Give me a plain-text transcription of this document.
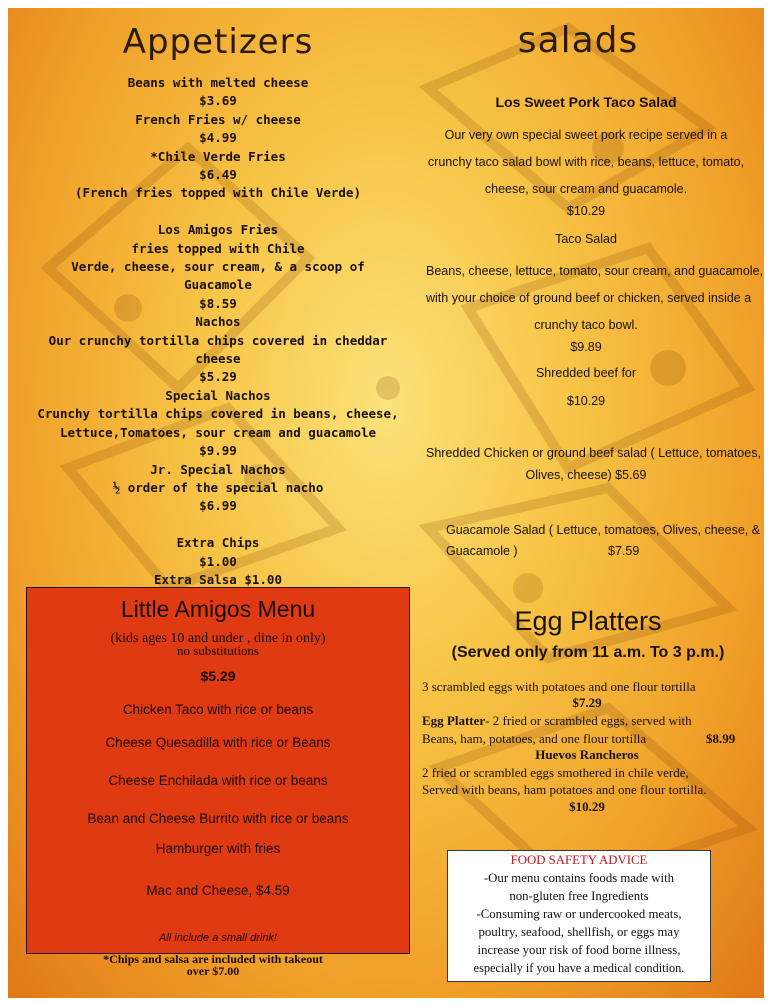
Appetizers
Beans with melted cheese
$3.69
French Fries w/ cheese
$4.99
*Chile Verde Fries
$6.49
(French fries topped with Chile Verde)
Los Amigos Fries
fries topped with Chile
Verde, cheese, sour cream, & a scoop of
Guacamole
$8.59
Nachos
Our crunchy tortilla chips covered in cheddar
cheese
$5.29
Special Nachos
Crunchy tortilla chips covered in beans, cheese,
Lettuce,Tomatoes, sour cream and guacamole
$9.99
Jr. Special Nachos
½ order of the special nacho
$6.99
Extra Chips
$1.00
Extra Salsa $1.00
salads
Los Sweet Pork Taco Salad
Our very own special sweet pork recipe served in a
crunchy taco salad bowl with rice, beans, lettuce, tomato,
cheese, sour cream and guacamole.
$10.29
Taco Salad
Beans, cheese, lettuce, tomato, sour cream, and guacamole,
with your choice of ground beef or chicken, served inside a
crunchy taco bowl.
$9.89
Shredded beef for
$10.29
Shredded Chicken or ground beef salad ( Lettuce, tomatoes,
Olives, cheese) $5.69
Guacamole Salad ( Lettuce, tomatoes, Olives, cheese, &
Guacamole )	$7.59
Little Amigos Menu
(kids ages 10 and under , dine in only)
no substitutions
$5.29
Chicken Taco with rice or beans
Cheese Quesadilla with rice or Beans
Cheese Enchilada with rice or beans
Bean and Cheese Burrito with rice or beans
Hamburger with fries
Mac and Cheese, $4.59
All include a small drink!
*Chips and salsa are included with takeout
over $7.00
Egg Platters
(Served only from 11 a.m. To 3 p.m.)
3 scrambled eggs with potatoes and one flour tortilla
$7.29
Egg Platter- 2 fried or scrambled eggs, served with
Beans, ham, potatoes, and one flour tortilla	$8.99
Huevos Rancheros
2 fried or scrambled eggs smothered in chile verde,
Served with beans, ham potatoes and one flour tortilla.
$10.29
FOOD SAFETY ADVICE
-Our menu contains foods made with
non-gluten free Ingredients
-Consuming raw or undercooked meats,
poultry, seafood, shellfish, or eggs may
increase your risk of food borne illness,
especially if you have a medical condition.
